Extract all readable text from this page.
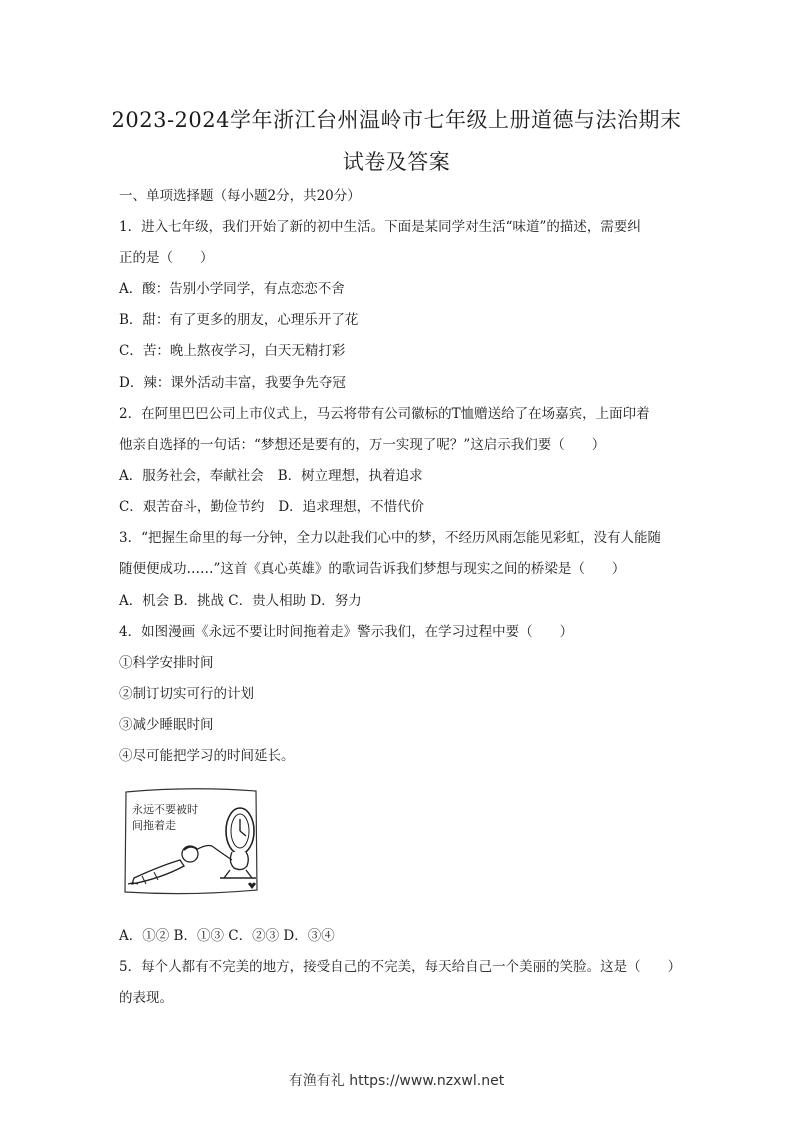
2023-2024学年浙江台州温岭市七年级上册道德与法治期末
试卷及答案
一、单项选择题（每小题2分，共20分）
1．进入七年级，我们开始了新的初中生活。下面是某同学对生活“味道”的描述，需要纠
正的是（　　）
A．酸：告别小学同学，有点恋恋不舍
B．甜：有了更多的朋友，心理乐开了花
C．苦：晚上熬夜学习，白天无精打彩
D．辣：课外活动丰富，我要争先夺冠
2．在阿里巴巴公司上市仪式上，马云将带有公司徽标的T恤赠送给了在场嘉宾，上面印着
他亲自选择的一句话：“梦想还是要有的，万一实现了呢？”这启示我们要（　　）
A．服务社会，奉献社会 B．树立理想，执着追求
C．艰苦奋斗，勤俭节约 D．追求理想，不惜代价
3．“把握生命里的每一分钟，全力以赴我们心中的梦，不经历风雨怎能见彩虹，没有人能随
随便便成功……”这首《真心英雄》的歌词告诉我们梦想与现实之间的桥梁是（　　）
A．机会 B．挑战 C．贵人相助 D．努力
4．如图漫画《永远不要让时间拖着走》警示我们，在学习过程中要（　　）
①科学安排时间
②制订切实可行的计划
③减少睡眠时间
④尽可能把学习的时间延长。
永远不要被时
间拖着走
A．①② B．①③ C．②③ D．③④
5．每个人都有不完美的地方，接受自己的不完美，每天给自己一个美丽的笑脸。这是（　　）
的表现。
有渔有礼 https://www.nzxwl.net
